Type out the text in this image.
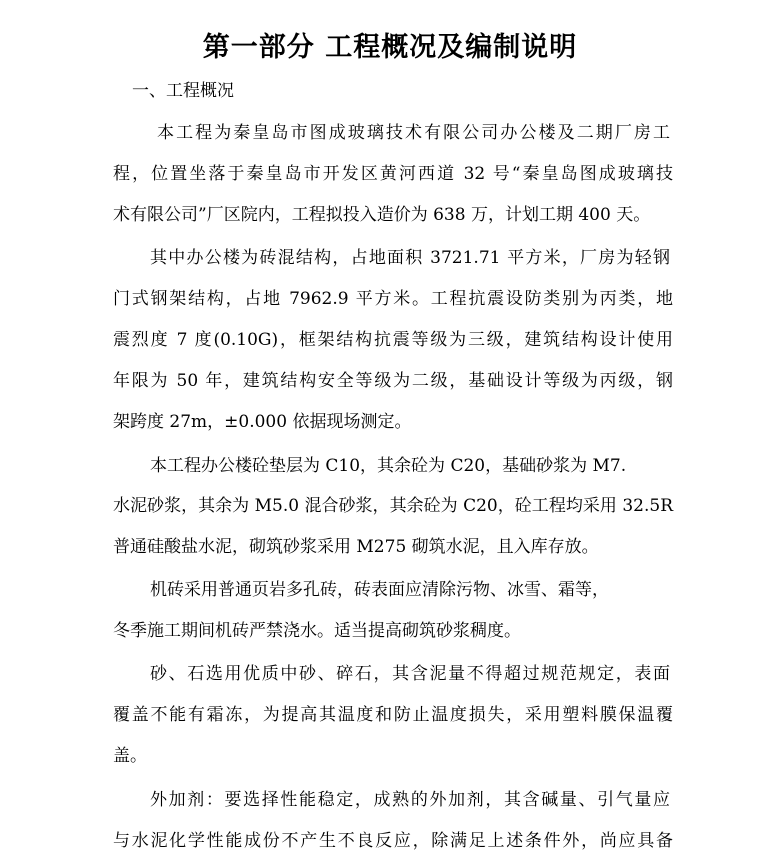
第一部分 工程概况及编制说明

一、工程概况

本工程为秦皇岛市图成玻璃技术有限公司办公楼及二期厂房工

程，位置坐落于秦皇岛市开发区黄河西道 32 号“秦皇岛图成玻璃技

术有限公司”厂区院内，工程拟投入造价为 638 万，计划工期 400 天。

其中办公楼为砖混结构，占地面积 3721.71 平方米，厂房为轻钢

门式钢架结构，占地 7962.9 平方米。工程抗震设防类别为丙类，地

震烈度 7 度(0.10G)，框架结构抗震等级为三级，建筑结构设计使用

年限为 50 年，建筑结构安全等级为二级，基础设计等级为丙级，钢

架跨度 27m，±0.000 依据现场测定。

本工程办公楼砼垫层为 C10，其余砼为 C20，基础砂浆为 M7.

水泥砂浆，其余为 M5.0 混合砂浆，其余砼为 C20，砼工程均采用 32.5R

普通硅酸盐水泥，砌筑砂浆采用 M275 砌筑水泥，且入库存放。

机砖采用普通页岩多孔砖，砖表面应清除污物、冰雪、霜等，

冬季施工期间机砖严禁浇水。适当提高砌筑砂浆稠度。

砂、石选用优质中砂、碎石，其含泥量不得超过规范规定，表面

覆盖不能有霜冻，为提高其温度和防止温度损失，采用塑料膜保温覆

盖。

外加剂：要选择性能稳定，成熟的外加剂，其含碱量、引气量应

与水泥化学性能成份不产生不良反应，除满足上述条件外，尚应具备
